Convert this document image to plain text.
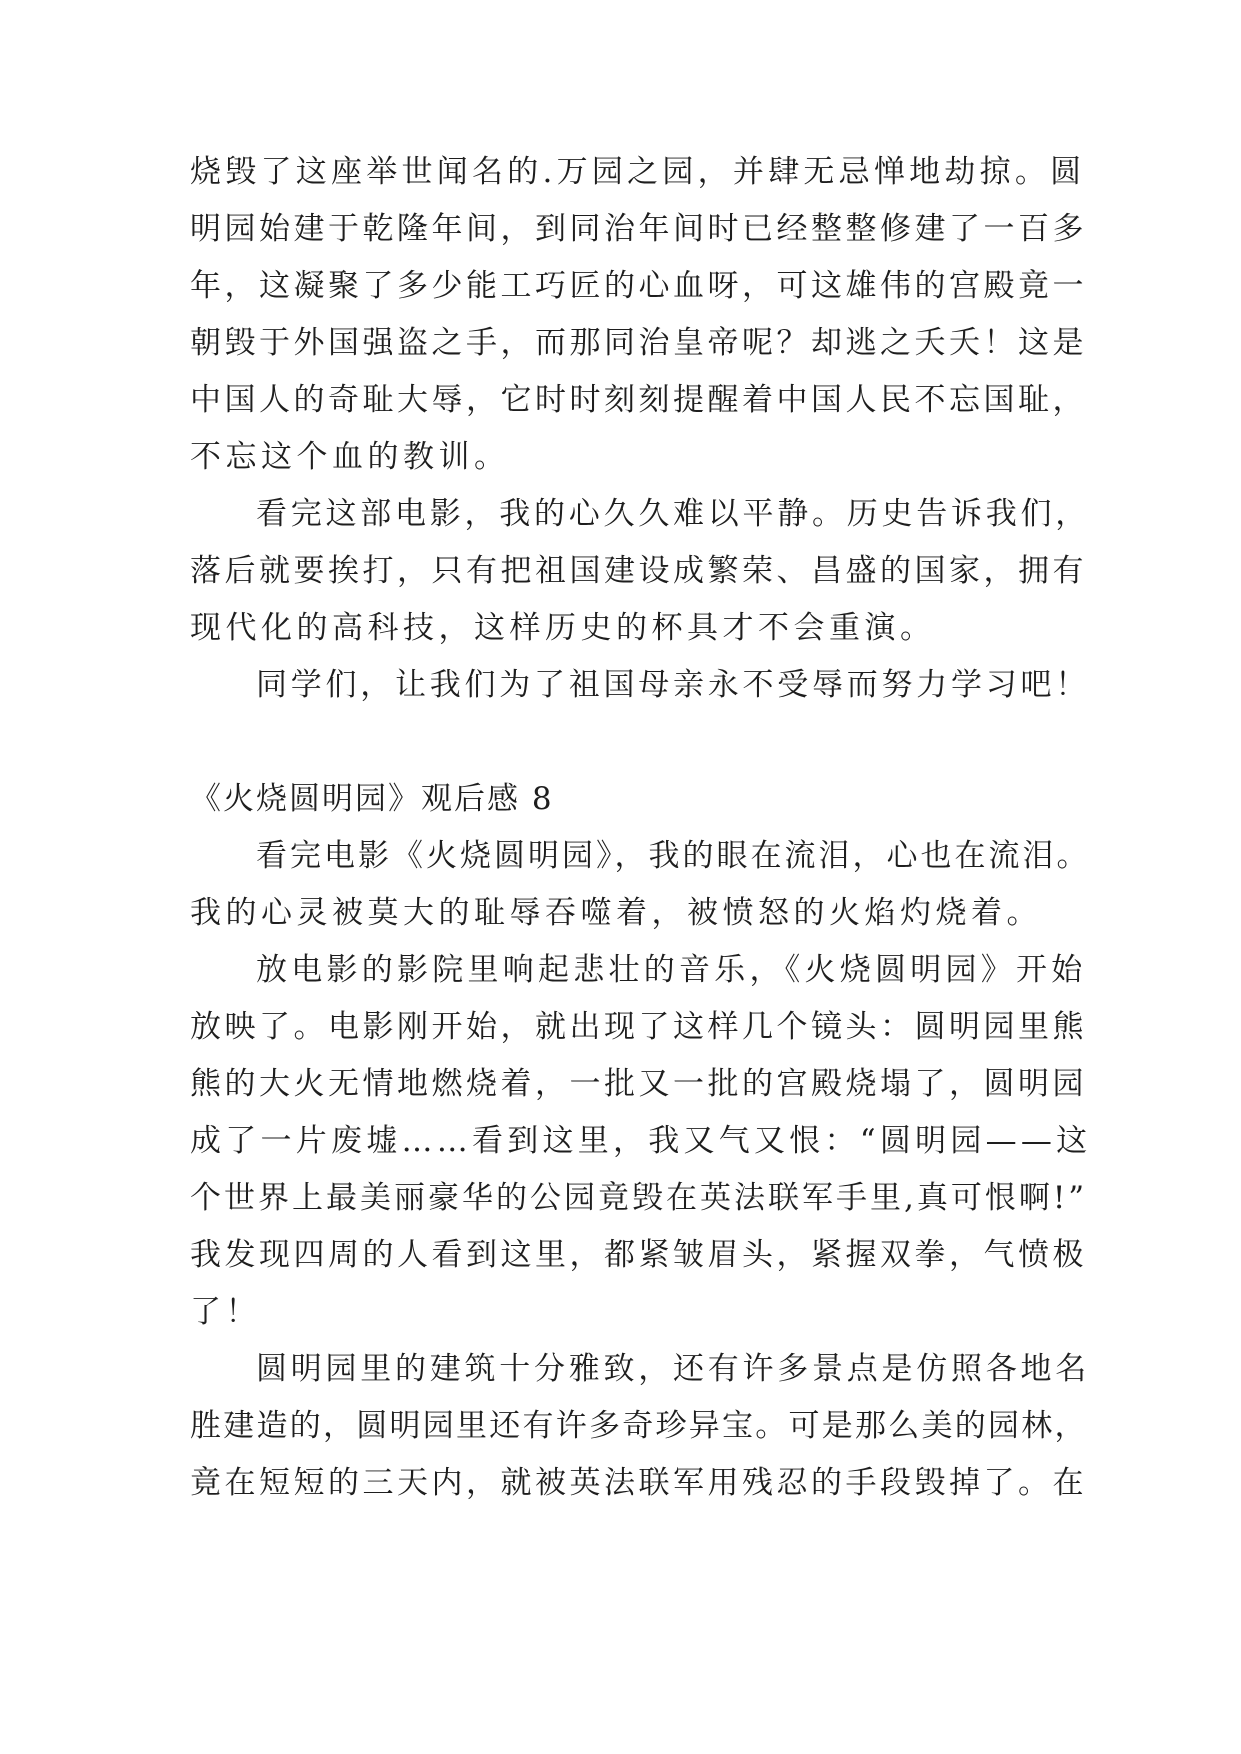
烧毁了这座举世闻名的.万园之园，并肆无忌惮地劫掠。圆
明园始建于乾隆年间，到同治年间时已经整整修建了一百多
年，这凝聚了多少能工巧匠的心血呀，可这雄伟的宫殿竟一
朝毁于外国强盗之手，而那同治皇帝呢？却逃之夭夭！这是
中国人的奇耻大辱，它时时刻刻提醒着中国人民不忘国耻，
不忘这个血的教训。
看完这部电影，我的心久久难以平静。历史告诉我们，
落后就要挨打，只有把祖国建设成繁荣、昌盛的国家，拥有
现代化的高科技，这样历史的杯具才不会重演。
同学们，让我们为了祖国母亲永不受辱而努力学习吧！
《火烧圆明园》观后感 8
看完电影《火烧圆明园》，我的眼在流泪，心也在流泪。
我的心灵被莫大的耻辱吞噬着，被愤怒的火焰灼烧着。
放电影的影院里响起悲壮的音乐，《火烧圆明园》开始
放映了。电影刚开始，就出现了这样几个镜头：圆明园里熊
熊的大火无情地燃烧着，一批又一批的宫殿烧塌了，圆明园
成了一片废墟……看到这里，我又气又恨：“圆明园——这
个世界上最美丽豪华的公园竟毁在英法联军手里,真可恨啊!”
我发现四周的人看到这里，都紧皱眉头，紧握双拳，气愤极
了！
圆明园里的建筑十分雅致，还有许多景点是仿照各地名
胜建造的，圆明园里还有许多奇珍异宝。可是那么美的园林，
竟在短短的三天内，就被英法联军用残忍的手段毁掉了。在
